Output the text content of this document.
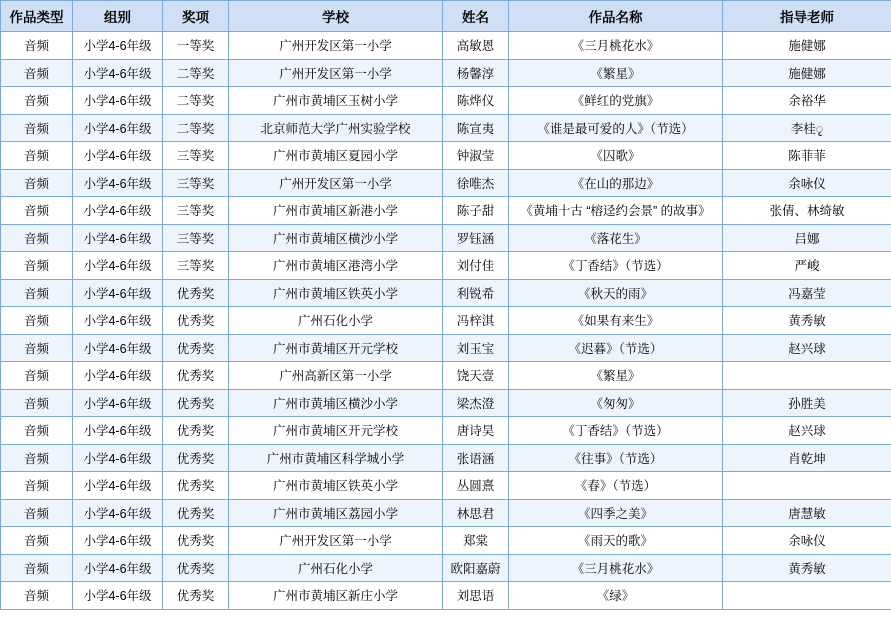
作品类型	组别	奖项	学校	姓名	作品名称	指导老师
音频	小学4-6年级	一等奖	广州开发区第一小学	高敏恩	《三月桃花水》	施健娜
音频	小学4-6年级	二等奖	广州开发区第一小学	杨馨淳	《繁星》	施健娜
音频	小学4-6年级	二等奖	广州市黄埔区玉树小学	陈烨仪	《鲜红的党旗》	余裕华
音频	小学4-6年级	二等奖	北京师范大学广州实验学校	陈宣夷	《谁是最可爱的人》（节选）	李桂ृ
音频	小学4-6年级	三等奖	广州市黄埔区夏园小学	钟淑莹	《囚歌》	陈菲菲
音频	小学4-6年级	三等奖	广州开发区第一小学	徐唯杰	《在山的那边》	余咏仪
音频	小学4-6年级	三等奖	广州市黄埔区新港小学	陈子甜	《黄埔十古 “榕迳约会景” 的故事》	张倩、林绮敏
音频	小学4-6年级	三等奖	广州市黄埔区横沙小学	罗钰涵	《落花生》	吕娜
音频	小学4-6年级	三等奖	广州市黄埔区港湾小学	刘付佳	《丁香结》（节选）	严峻
音频	小学4-6年级	优秀奖	广州市黄埔区铁英小学	利锐希	《秋天的雨》	冯嘉莹
音频	小学4-6年级	优秀奖	广州石化小学	冯梓淇	《如果有来生》	黄秀敏
音频	小学4-6年级	优秀奖	广州市黄埔区开元学校	刘玉宝	《迟暮》（节选）	赵兴球
音频	小学4-6年级	优秀奖	广州高新区第一小学	饶天壹	《繁星》	
音频	小学4-6年级	优秀奖	广州市黄埔区横沙小学	梁杰澄	《匆匆》	孙胜美
音频	小学4-6年级	优秀奖	广州市黄埔区开元学校	唐诗昊	《丁香结》（节选）	赵兴球
音频	小学4-6年级	优秀奖	广州市黄埔区科学城小学	张语涵	《往事》（节选）	肖乾坤
音频	小学4-6年级	优秀奖	广州市黄埔区铁英小学	丛圆熹	《春》（节选）	
音频	小学4-6年级	优秀奖	广州市黄埔区荔园小学	林思君	《四季之美》	唐慧敏
音频	小学4-6年级	优秀奖	广州开发区第一小学	郑棠	《雨天的歌》	余咏仪
音频	小学4-6年级	优秀奖	广州石化小学	欧阳嘉蔚	《三月桃花水》	黄秀敏
音频	小学4-6年级	优秀奖	广州市黄埔区新庄小学	刘思语	《绿》	
